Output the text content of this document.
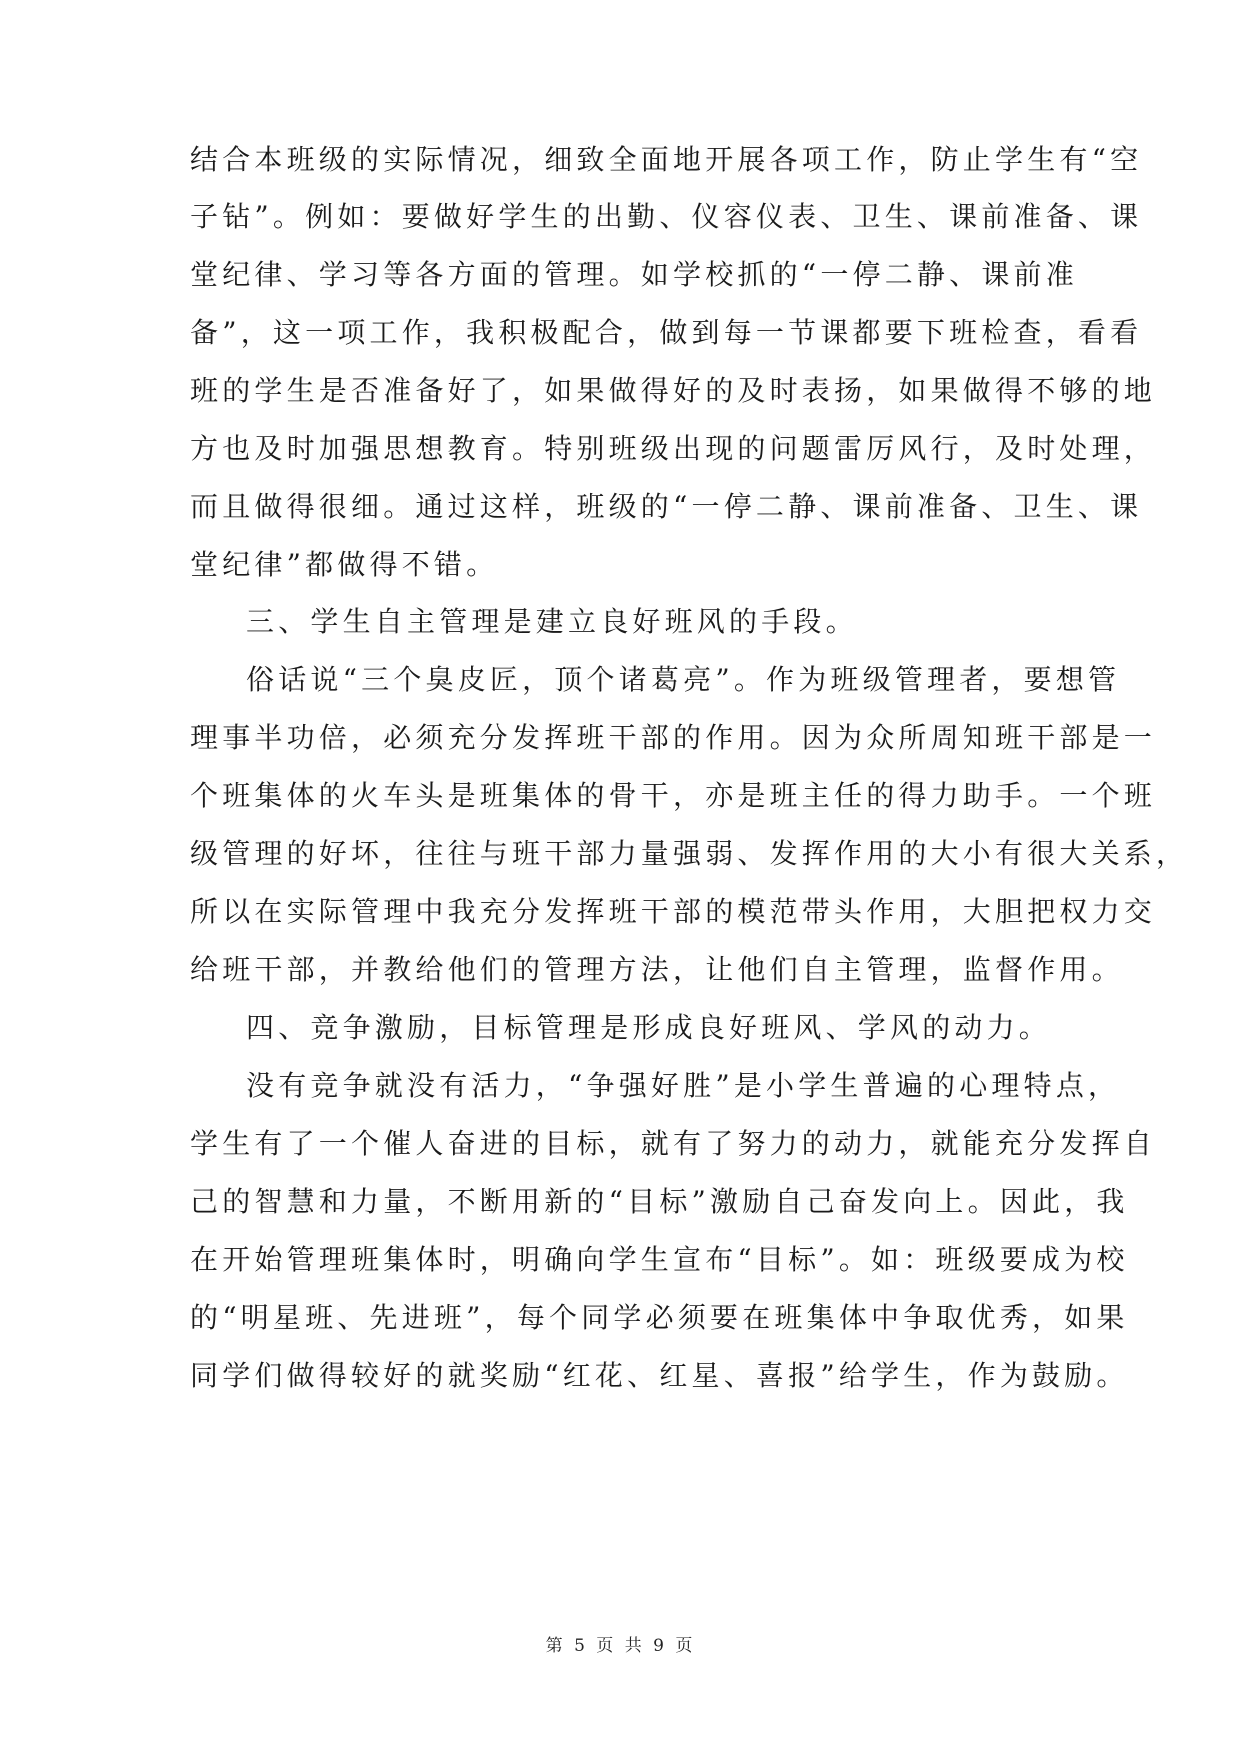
结合本班级的实际情况，细致全面地开展各项工作，防止学生有“空
子钻”。例如：要做好学生的出勤、仪容仪表、卫生、课前准备、课
堂纪律、学习等各方面的管理。如学校抓的“一停二静、课前准
备”，这一项工作，我积极配合，做到每一节课都要下班检查，看看
班的学生是否准备好了，如果做得好的及时表扬，如果做得不够的地
方也及时加强思想教育。特别班级出现的问题雷厉风行，及时处理，
而且做得很细。通过这样，班级的“一停二静、课前准备、卫生、课
堂纪律”都做得不错。
三、学生自主管理是建立良好班风的手段。
俗话说“三个臭皮匠，顶个诸葛亮”。作为班级管理者，要想管
理事半功倍，必须充分发挥班干部的作用。因为众所周知班干部是一
个班集体的火车头是班集体的骨干，亦是班主任的得力助手。一个班
级管理的好坏，往往与班干部力量强弱、发挥作用的大小有很大关系，
所以在实际管理中我充分发挥班干部的模范带头作用，大胆把权力交
给班干部，并教给他们的管理方法，让他们自主管理，监督作用。
四、竞争激励，目标管理是形成良好班风、学风的动力。
没有竞争就没有活力，“争强好胜”是小学生普遍的心理特点，
学生有了一个催人奋进的目标，就有了努力的动力，就能充分发挥自
己的智慧和力量，不断用新的“目标”激励自己奋发向上。因此，我
在开始管理班集体时，明确向学生宣布“目标”。如：班级要成为校
的“明星班、先进班”，每个同学必须要在班集体中争取优秀，如果
同学们做得较好的就奖励“红花、红星、喜报”给学生，作为鼓励。
第 5 页 共 9 页
